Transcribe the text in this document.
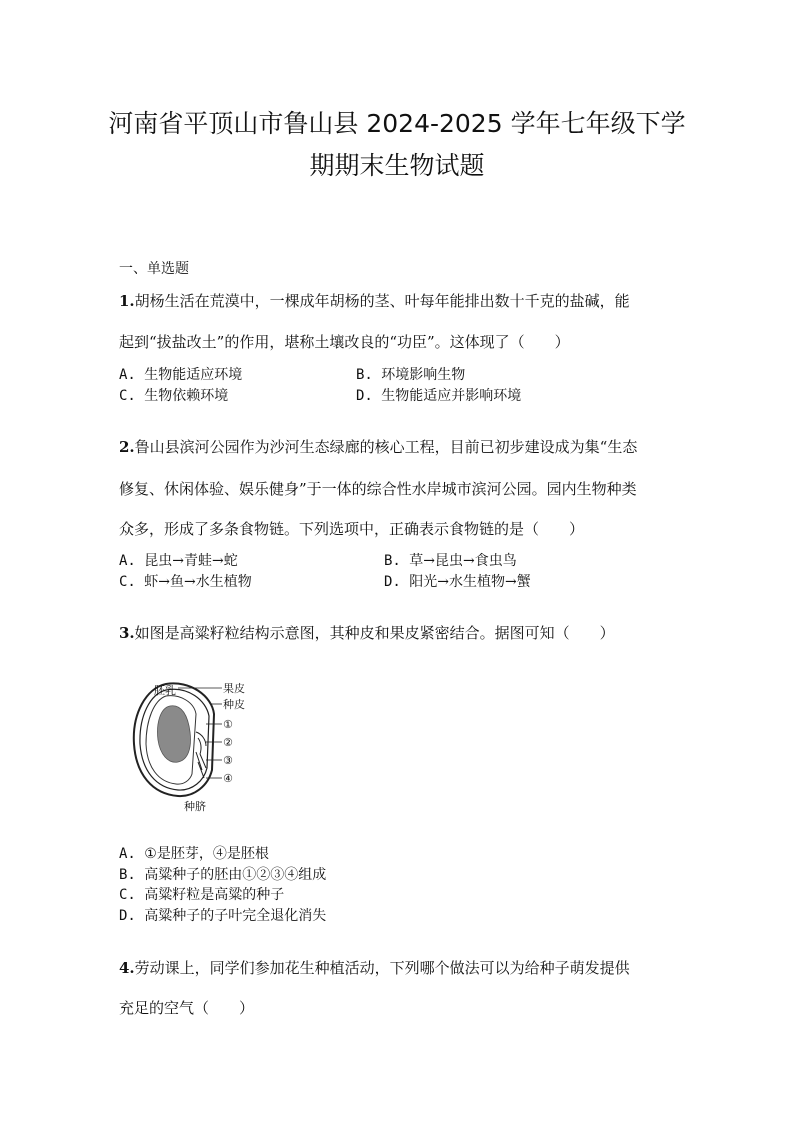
河南省平顶山市鲁山县 2024-2025 学年七年级下学
期期末生物试题
一、单选题
1.胡杨生活在荒漠中，一棵成年胡杨的茎、叶每年能排出数十千克的盐碱，能
起到“拔盐改土”的作用，堪称土壤改良的“功臣”。这体现了（　　）
A. 生物能适应环境	B. 环境影响生物
C. 生物依赖环境	D. 生物能适应并影响环境
2.鲁山县滨河公园作为沙河生态绿廊的核心工程，目前已初步建设成为集“生态
修复、休闲体验、娱乐健身”于一体的综合性水岸城市滨河公园。园内生物种类
众多，形成了多条食物链。下列选项中，正确表示食物链的是（　　）
A. 昆虫→青蛙→蛇	B. 草→昆虫→食虫鸟
C. 虾→鱼→水生植物	D. 阳光→水生植物→蟹
3.如图是高粱籽粒结构示意图，其种皮和果皮紧密结合。据图可知（　　）
胚乳	果皮
种皮
①
②
③
④
种脐
A. ①是胚芽，④是胚根
B. 高粱种子的胚由①②③④组成
C. 高粱籽粒是高粱的种子
D. 高粱种子的子叶完全退化消失
4.劳动课上，同学们参加花生种植活动，下列哪个做法可以为给种子萌发提供
充足的空气（　　）
